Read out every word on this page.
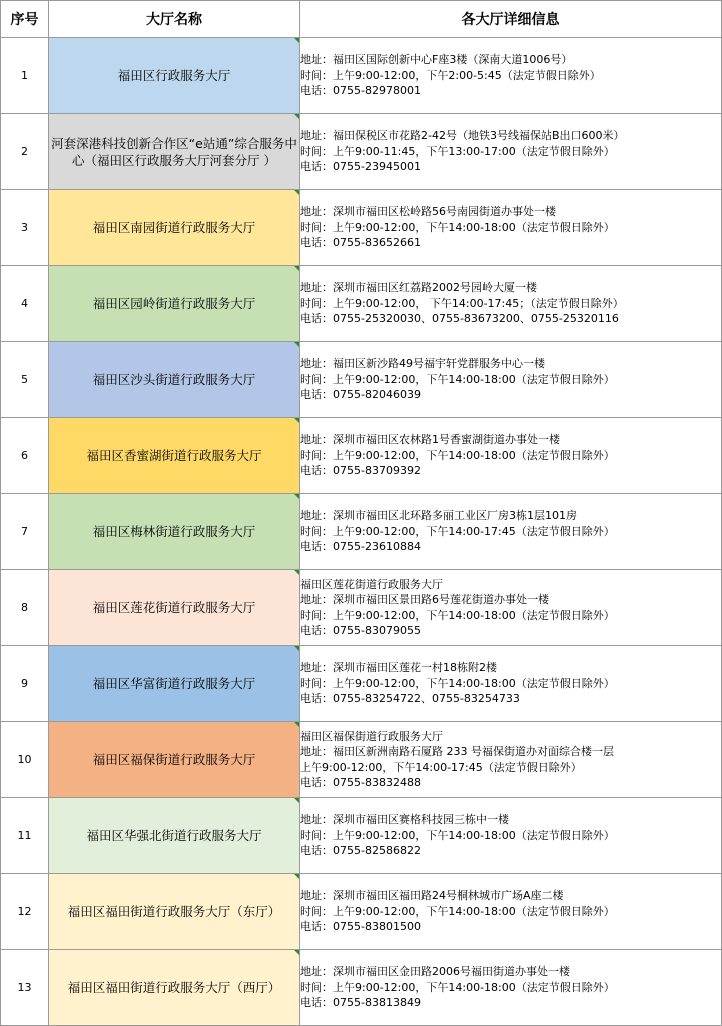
序号	大厅名称	各大厅详细信息
1	福田区行政服务大厅	地址：福田区国际创新中心F座3楼（深南大道1006号）
时间：上午9:00-12:00，下午2:00-5:45（法定节假日除外）
电话：0755-82978001

2	河套深港科技创新合作区“e站通”综合服务中心（福田区行政服务大厅河套分厅 ）	地址：福田保税区市花路2-42号（地铁3号线福保站B出口600米）
时间：上午9:00-11:45，下午13:00-17:00（法定节假日除外）
电话：0755-23945001

3	福田区南园街道行政服务大厅	地址：深圳市福田区松岭路56号南园街道办事处一楼
时间：上午9:00-12:00，下午14:00-18:00（法定节假日除外）
电话：0755-83652661

4	福田区园岭街道行政服务大厅	地址：深圳市福田区红荔路2002号园岭大厦一楼
时间：上午9:00-12:00， 下午14:00-17:45；（法定节假日除外）
电话：0755-25320030、0755-83673200、0755-25320116

5	福田区沙头街道行政服务大厅	地址：福田区新沙路49号福宇轩党群服务中心一楼
时间：上午9:00-12:00，下午14:00-18:00（法定节假日除外）
电话：0755-82046039

6	福田区香蜜湖街道行政服务大厅	地址：深圳市福田区农林路1号香蜜湖街道办事处一楼
时间：上午9:00-12:00，下午14:00-18:00（法定节假日除外）
电话：0755-83709392

7	福田区梅林街道行政服务大厅	地址：深圳市福田区北环路多丽工业区厂房3栋1层101房
时间：上午9:00-12:00，下午14:00-17:45（法定节假日除外）
电话：0755-23610884

8	福田区莲花街道行政服务大厅	福田区莲花街道行政服务大厅
地址：深圳市福田区景田路6号莲花街道办事处一楼
时间：上午9:00-12:00，下午14:00-18:00（法定节假日除外）
电话：0755-83079055

9	福田区华富街道行政服务大厅	地址：深圳市福田区莲花一村18栋附2楼
时间：上午9:00-12:00，下午14:00-18:00（法定节假日除外）
电话：0755-83254722、0755-83254733

10	福田区福保街道行政服务大厅	福田区福保街道行政服务大厅
地址：福田区新洲南路石厦路 233 号福保街道办对面综合楼一层
上午9:00-12:00，下午14:00-17:45（法定节假日除外）
电话：0755-83832488

11	福田区华强北街道行政服务大厅	地址：深圳市福田区赛格科技园三栋中一楼
时间：上午9:00-12:00，下午14:00-18:00（法定节假日除外）
电话：0755-82586822

12	福田区福田街道行政服务大厅（东厅）	地址：深圳市福田区福田路24号桐林城市广场A座二楼
时间：上午9:00-12:00，下午14:00-18:00（法定节假日除外）
电话：0755-83801500

13	福田区福田街道行政服务大厅（西厅）	地址：深圳市福田区金田路2006号福田街道办事处一楼
时间：上午9:00-12:00，下午14:00-18:00（法定节假日除外）
电话：0755-83813849
